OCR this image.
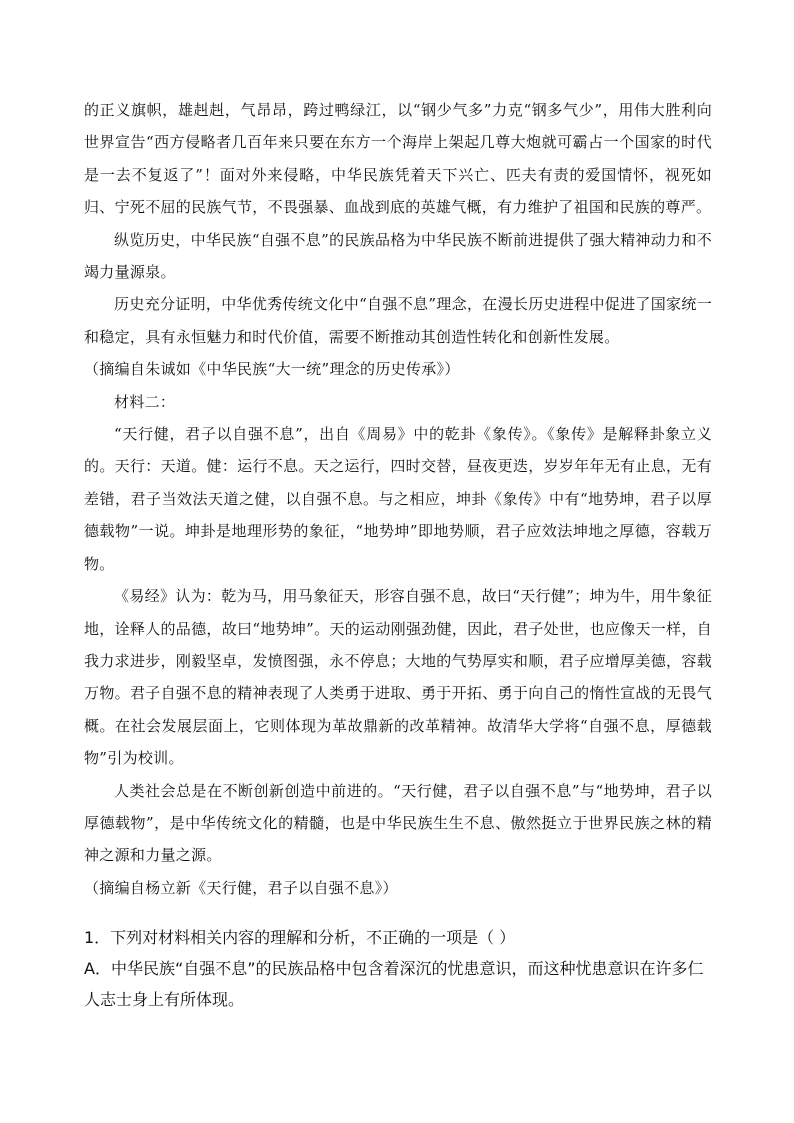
的正义旗帜，雄赳赳，气昂昂，跨过鸭绿江，以“钢少气多”力克“钢多气少”，用伟大胜利向世界宣告“西方侵略者几百年来只要在东方一个海岸上架起几尊大炮就可霸占一个国家的时代是一去不复返了”！面对外来侵略，中华民族凭着天下兴亡、匹夫有责的爱国情怀，视死如归、宁死不屈的民族气节，不畏强暴、血战到底的英雄气概，有力维护了祖国和民族的尊严。

纵览历史，中华民族“自强不息”的民族品格为中华民族不断前进提供了强大精神动力和不竭力量源泉。

历史充分证明，中华优秀传统文化中“自强不息”理念，在漫长历史进程中促进了国家统一和稳定，具有永恒魅力和时代价值，需要不断推动其创造性转化和创新性发展。

（摘编自朱诚如《中华民族“大一统”理念的历史传承》）

材料二：

“天行健，君子以自强不息”，出自《周易》中的乾卦《象传》。《象传》是解释卦象立义的。天行：天道。健：运行不息。天之运行，四时交替，昼夜更迭，岁岁年年无有止息，无有差错，君子当效法天道之健，以自强不息。与之相应，坤卦《象传》中有“地势坤，君子以厚德载物”一说。坤卦是地理形势的象征，“地势坤”即地势顺，君子应效法坤地之厚德，容载万物。

《易经》认为：乾为马，用马象征天，形容自强不息，故曰“天行健”；坤为牛，用牛象征地，诠释人的品德，故曰“地势坤”。天的运动刚强劲健，因此，君子处世，也应像天一样，自我力求进步，刚毅坚卓，发愤图强，永不停息；大地的气势厚实和顺，君子应增厚美德，容载万物。君子自强不息的精神表现了人类勇于进取、勇于开拓、勇于向自己的惰性宣战的无畏气概。在社会发展层面上，它则体现为革故鼎新的改革精神。故清华大学将“自强不息，厚德载物”引为校训。

人类社会总是在不断创新创造中前进的。“天行健，君子以自强不息”与“地势坤，君子以厚德载物”，是中华传统文化的精髓，也是中华民族生生不息、傲然挺立于世界民族之林的精神之源和力量之源。

（摘编自杨立新《天行健，君子以自强不息》）

1．下列对材料相关内容的理解和分析，不正确的一项是（ ）

A．中华民族“自强不息”的民族品格中包含着深沉的忧患意识，而这种忧患意识在许多仁人志士身上有所体现。
